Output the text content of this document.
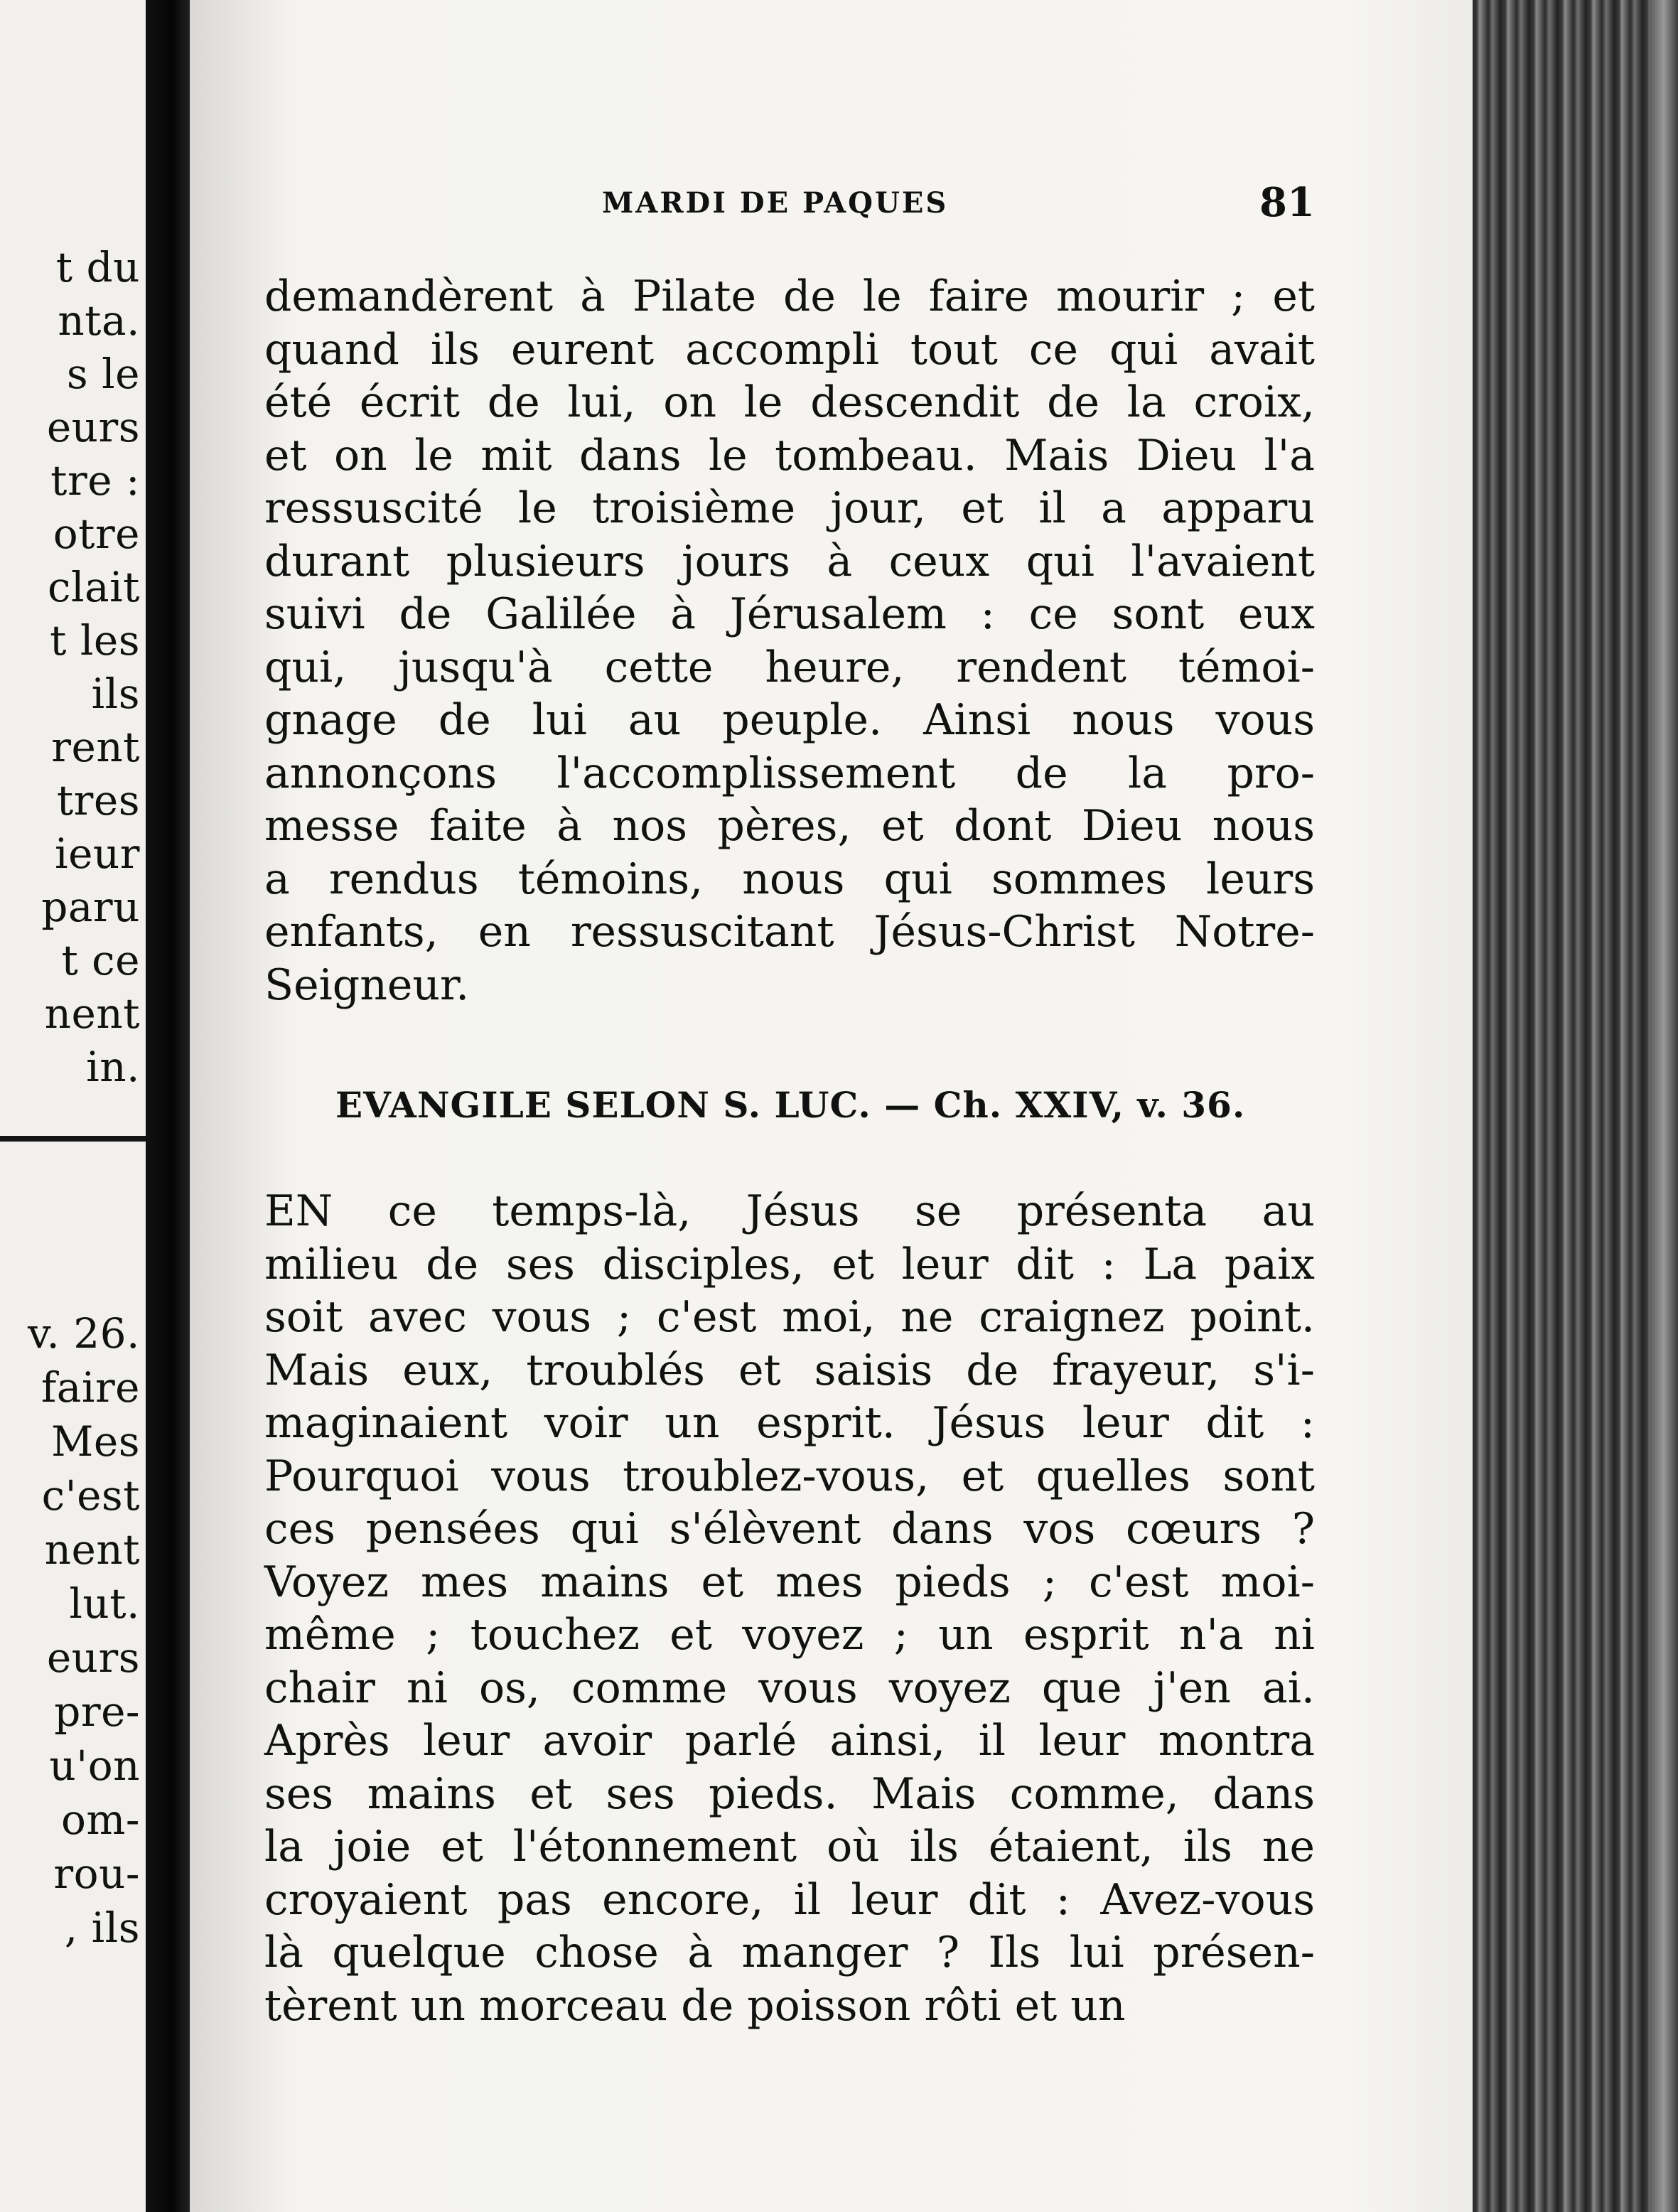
t du
nta.
s le
eurs
tre :
otre
clait
t les
ils
rent
tres
ieur
paru
t ce
nent
in.
v. 26.
faire
Mes
c'est
nent
lut.
eurs
pre-
u'on
om-
rou-
, ils
MARDI DE PAQUES	81
demandèrent à Pilate de le faire mourir ; et
quand ils eurent accompli tout ce qui avait
été écrit de lui, on le descendit de la croix,
et on le mit dans le tombeau. Mais Dieu l'a
ressuscité le troisième jour, et il a apparu
durant plusieurs jours à ceux qui l'avaient
suivi de Galilée à Jérusalem : ce sont eux
qui, jusqu'à cette heure, rendent témoi-
gnage de lui au peuple. Ainsi nous vous
annonçons l'accomplissement de la pro-
messe faite à nos pères, et dont Dieu nous
a rendus témoins, nous qui sommes leurs
enfants, en ressuscitant Jésus-Christ Notre-
Seigneur.
EVANGILE SELON S. LUC. — Ch. XXIV, v. 36.
EN ce temps-là, Jésus se présenta au
milieu de ses disciples, et leur dit : La paix
soit avec vous ; c'est moi, ne craignez point.
Mais eux, troublés et saisis de frayeur, s'i-
maginaient voir un esprit. Jésus leur dit :
Pourquoi vous troublez-vous, et quelles sont
ces pensées qui s'élèvent dans vos cœurs ?
Voyez mes mains et mes pieds ; c'est moi-
même ; touchez et voyez ; un esprit n'a ni
chair ni os, comme vous voyez que j'en ai.
Après leur avoir parlé ainsi, il leur montra
ses mains et ses pieds. Mais comme, dans
la joie et l'étonnement où ils étaient, ils ne
croyaient pas encore, il leur dit : Avez-vous
là quelque chose à manger ? Ils lui présen-
tèrent un morceau de poisson rôti et un
